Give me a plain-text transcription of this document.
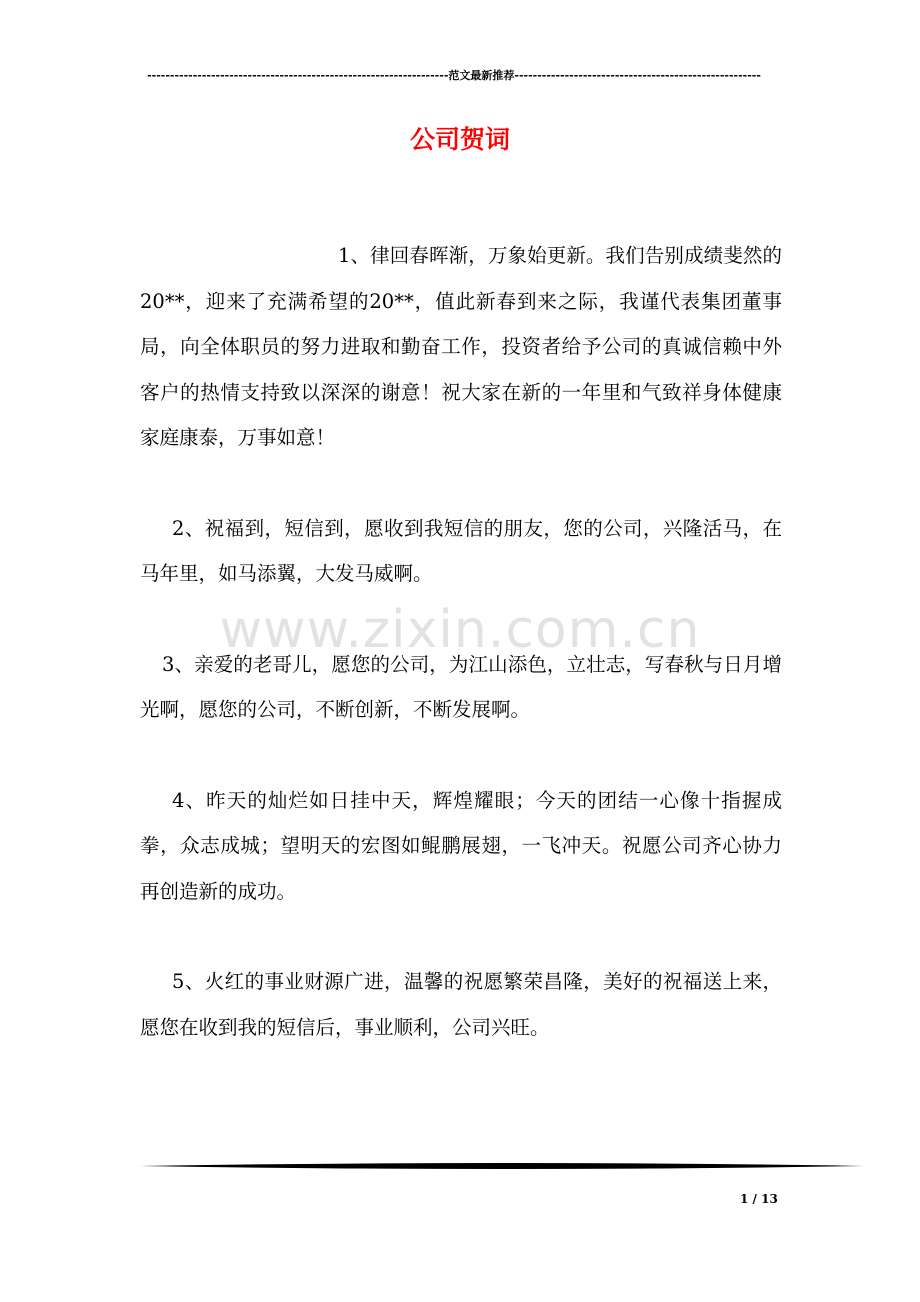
------------------------------------------------------------------范文最新推荐------------------------------------------------------
公司贺词

1、律回春晖渐，万象始更新。我们告别成绩斐然的20**，迎来了充满希望的20**，值此新春到来之际，我谨代表集团董事局，向全体职员的努力进取和勤奋工作，投资者给予公司的真诚信赖中外客户的热情支持致以深深的谢意！祝大家在新的一年里和气致祥身体健康家庭康泰，万事如意！

2、祝福到，短信到，愿收到我短信的朋友，您的公司，兴隆活马，在马年里，如马添翼，大发马威啊。

3、亲爱的老哥儿，愿您的公司，为江山添色，立壮志，写春秋与日月增光啊，愿您的公司，不断创新，不断发展啊。

4、昨天的灿烂如日挂中天，辉煌耀眼；今天的团结一心像十指握成拳，众志成城；望明天的宏图如鲲鹏展翅，一飞冲天。祝愿公司齐心协力再创造新的成功。

5、火红的事业财源广进，温馨的祝愿繁荣昌隆，美好的祝福送上来，愿您在收到我的短信后，事业顺利，公司兴旺。

www.zixin.com.cn
1 / 13
